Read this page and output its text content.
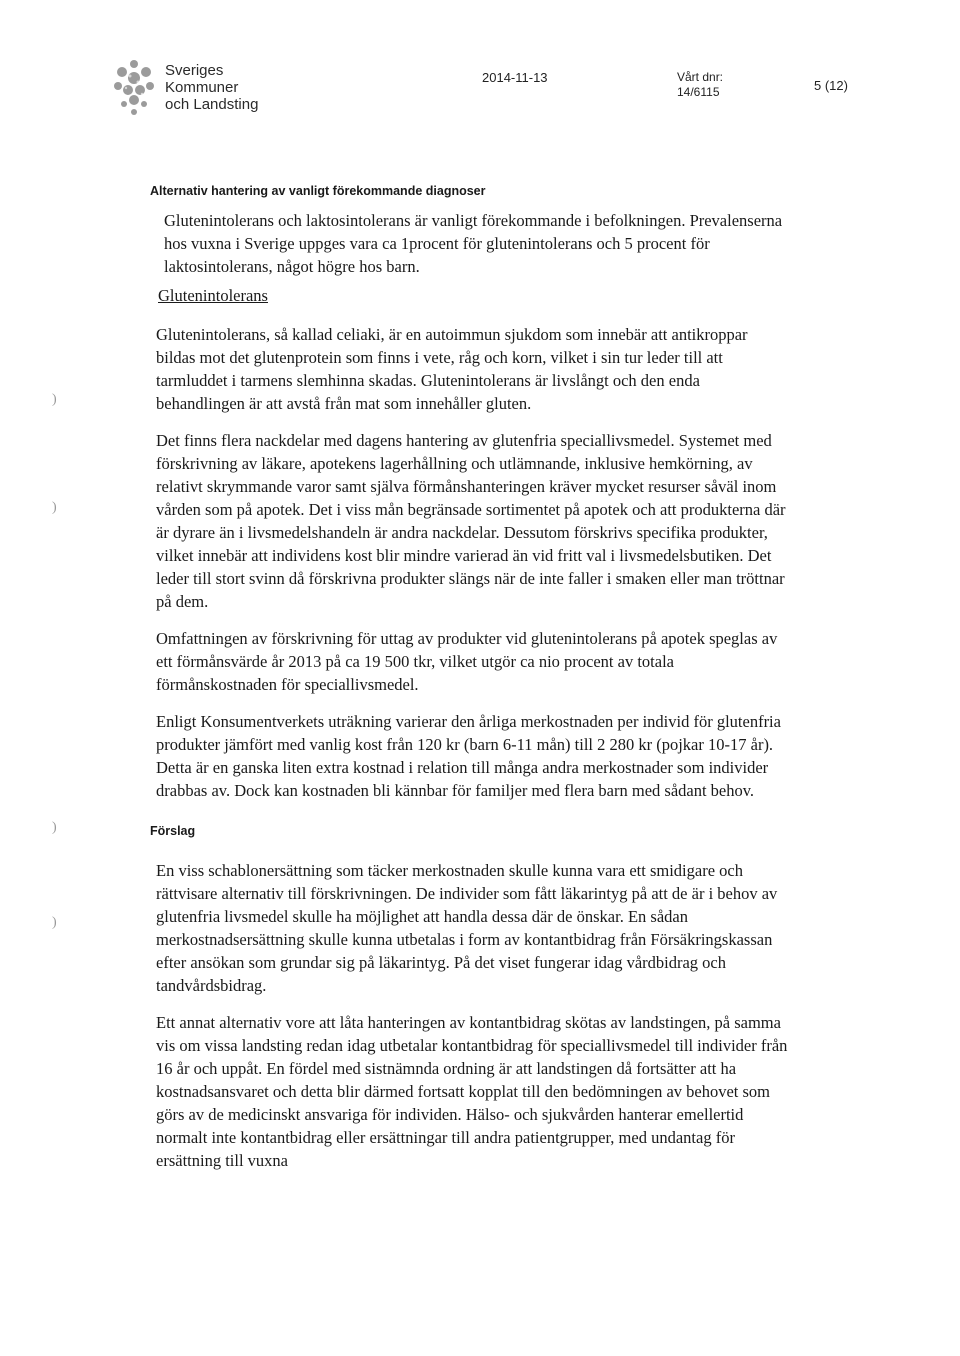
Sveriges
Kommuner
och Landsting
2014-11-13	Vårt dnr:
14/6115	5 (12)
)
)
)
)
Alternativ hantering av vanligt förekommande diagnoser
Glutenintolerans och laktosintolerans är vanligt förekommande i befolkningen. Prevalenserna hos vuxna i Sverige uppges vara ca 1procent för glutenintolerans och 5 procent för laktosintolerans, något högre hos barn.
Glutenintolerans
Glutenintolerans, så kallad celiaki, är en autoimmun sjukdom som innebär att antikroppar bildas mot det glutenprotein som finns i vete, råg och korn, vilket i sin tur leder till att tarmluddet i tarmens slemhinna skadas. Glutenintolerans är livslångt och den enda behandlingen är att avstå från mat som innehåller gluten.
Det finns flera nackdelar med dagens hantering av glutenfria speciallivsmedel. Systemet med förskrivning av läkare, apotekens lagerhållning och utlämnande, inklusive hemkörning, av relativt skrymmande varor samt själva förmånshanteringen kräver mycket resurser såväl inom vården som på apotek. Det i viss mån begränsade sortimentet på apotek och att produkterna där är dyrare än i livsmedelshandeln är andra nackdelar. Dessutom förskrivs specifika produkter, vilket innebär att individens kost blir mindre varierad än vid fritt val i livsmedelsbutiken. Det leder till stort svinn då förskrivna produkter slängs när de inte faller i smaken eller man tröttnar på dem.
Omfattningen av förskrivning för uttag av produkter vid glutenintolerans på apotek speglas av ett förmånsvärde år 2013 på ca 19 500 tkr, vilket utgör ca nio procent av totala förmånskostnaden för speciallivsmedel.
Enligt Konsumentverkets uträkning varierar den årliga merkostnaden per individ för glutenfria produkter jämfört med vanlig kost från 120 kr (barn 6-11 mån) till 2 280 kr (pojkar 10-17 år). Detta är en ganska liten extra kostnad i relation till många andra merkostnader som individer drabbas av. Dock kan kostnaden bli kännbar för familjer med flera barn med sådant behov.
Förslag
En viss schablonersättning som täcker merkostnaden skulle kunna vara ett smidigare och rättvisare alternativ till förskrivningen. De individer som fått läkarintyg på att de är i behov av glutenfria livsmedel skulle ha möjlighet att handla dessa där de önskar. En sådan merkostnadsersättning skulle kunna utbetalas i form av kontantbidrag från Försäkringskassan efter ansökan som grundar sig på läkarintyg. På det viset fungerar idag vårdbidrag och tandvårdsbidrag.
Ett annat alternativ vore att låta hanteringen av kontantbidrag skötas av landstingen, på samma vis om vissa landsting redan idag utbetalar kontantbidrag för speciallivsmedel till individer från 16 år och uppåt. En fördel med sistnämnda ordning är att landstingen då fortsätter att ha kostnadsansvaret och detta blir därmed fortsatt kopplat till den bedömningen av behovet som görs av de medicinskt ansvariga för individen. Hälso- och sjukvården hanterar emellertid normalt inte kontantbidrag eller ersättningar till andra patientgrupper, med undantag för ersättning till vuxna
